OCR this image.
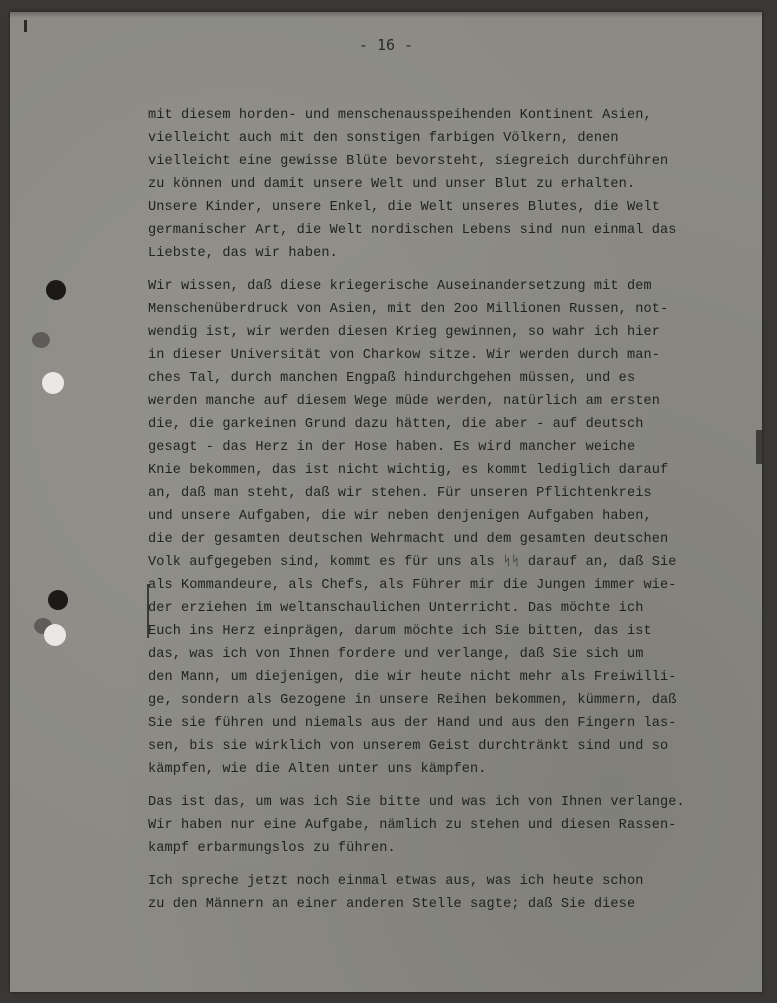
- 16 -

mit diesem horden- und menschenausspeihenden Kontinent Asien,
vielleicht auch mit den sonstigen farbigen Völkern, denen
vielleicht eine gewisse Blüte bevorsteht, siegreich durchführen
zu können und damit unsere Welt und unser Blut zu erhalten.
Unsere Kinder, unsere Enkel, die Welt unseres Blutes, die Welt
germanischer Art, die Welt nordischen Lebens sind nun einmal das
Liebste, das wir haben.

Wir wissen, daß diese kriegerische Auseinandersetzung mit dem
Menschenüberdruck von Asien, mit den 2oo Millionen Russen, not-
wendig ist, wir werden diesen Krieg gewinnen, so wahr ich hier
in dieser Universität von Charkow sitze. Wir werden durch man-
ches Tal, durch manchen Engpaß hindurchgehen müssen, und es
werden manche auf diesem Wege müde werden, natürlich am ersten
die, die garkeinen Grund dazu hätten, die aber - auf deutsch
gesagt - das Herz in der Hose haben. Es wird mancher weiche
Knie bekommen, das ist nicht wichtig, es kommt lediglich darauf
an, daß man steht, daß wir stehen. Für unseren Pflichtenkreis
und unsere Aufgaben, die wir neben denjenigen Aufgaben haben,
die der gesamten deutschen Wehrmacht und dem gesamten deutschen
Volk aufgegeben sind, kommt es für uns als ᛋᛋ darauf an, daß Sie
als Kommandeure, als Chefs, als Führer mir die Jungen immer wie-
der erziehen im weltanschaulichen Unterricht. Das möchte ich
Euch ins Herz einprägen, darum möchte ich Sie bitten, das ist
das, was ich von Ihnen fordere und verlange, daß Sie sich um
den Mann, um diejenigen, die wir heute nicht mehr als Freiwilli-
ge, sondern als Gezogene in unsere Reihen bekommen, kümmern, daß
Sie sie führen und niemals aus der Hand und aus den Fingern las-
sen, bis sie wirklich von unserem Geist durchtränkt sind und so
kämpfen, wie die Alten unter uns kämpfen.

Das ist das, um was ich Sie bitte und was ich von Ihnen verlange.
Wir haben nur eine Aufgabe, nämlich zu stehen und diesen Rassen-
kampf erbarmungslos zu führen.

Ich spreche jetzt noch einmal etwas aus, was ich heute schon
zu den Männern an einer anderen Stelle sagte; daß Sie diese
